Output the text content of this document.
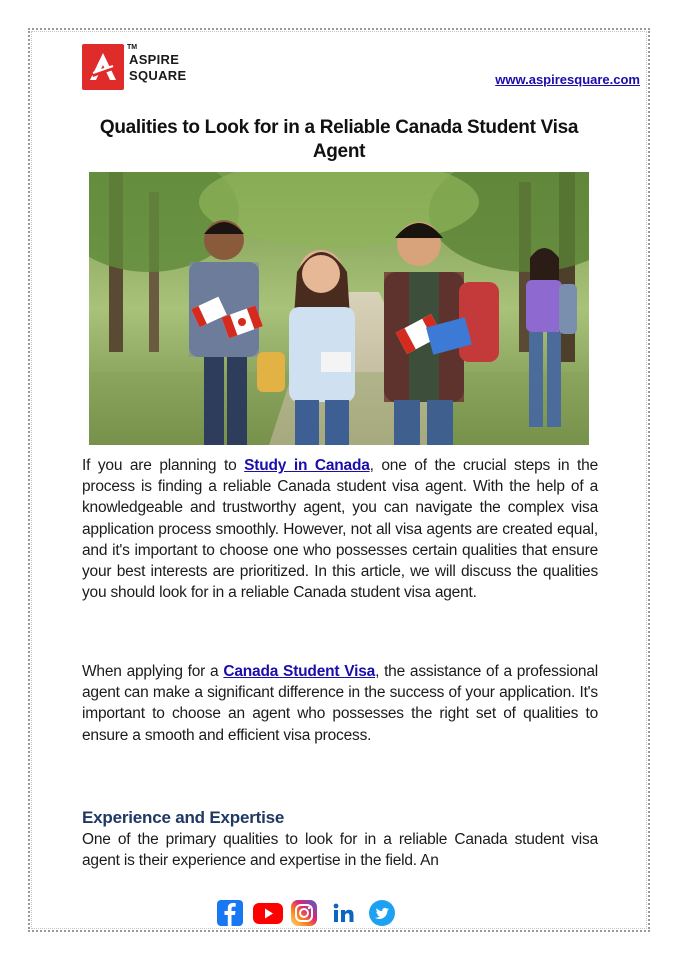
TM
ASPIRE
SQUARE	www.aspiresquare.com
Qualities to Look for in a Reliable Canada Student Visa Agent

If you are planning to Study in Canada, one of the crucial steps in the process is finding a reliable Canada student visa agent. With the help of a knowledgeable and trustworthy agent, you can navigate the complex visa application process smoothly. However, not all visa agents are created equal, and it's important to choose one who possesses certain qualities that ensure your best interests are prioritized. In this article, we will discuss the qualities you should look for in a reliable Canada student visa agent.

When applying for a Canada Student Visa, the assistance of a professional agent can make a significant difference in the success of your application. It's important to choose an agent who possesses the right set of qualities to ensure a smooth and efficient visa process.

Experience and Expertise

One of the primary qualities to look for in a reliable Canada student visa agent is their experience and expertise in the field. An
